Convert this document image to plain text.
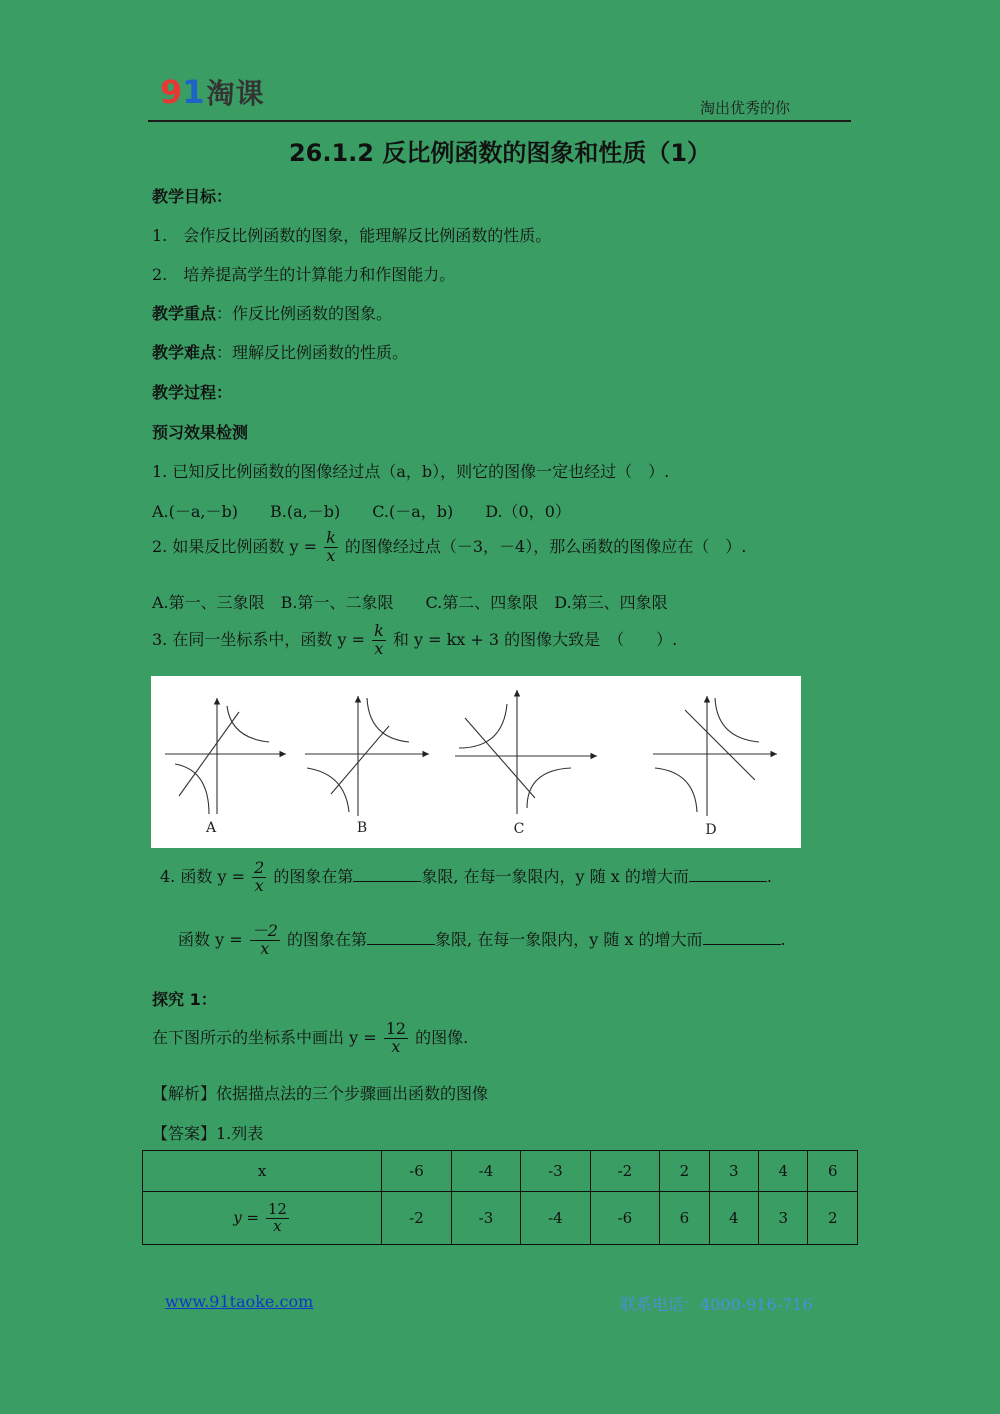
9 1 淘课	淘出优秀的你
26.1.2 反比例函数的图象和性质（1）
教学目标：
1.　会作反比例函数的图象，能理解反比例函数的性质。
2.　培养提高学生的计算能力和作图能力。
教学重点：作反比例函数的图象。
教学难点：理解反比例函数的性质。
教学过程：
预习效果检测
1. 已知反比例函数的图像经过点（a，b），则它的图像一定也经过（　）.
A.(－a,－b)　　B.(a,－b)　　C.(－a，b)　　D.（0，0）
2. 如果反比例函数 $y = \frac{k}{x}$ 的图像经过点（－3，－4），那么函数的图像应在（　）.
A.第一、三象限　B.第一、二象限　　C.第二、四象限　D.第三、四象限
3. 在同一坐标系中，函数 $y = \frac{k}{x}$ 和 y = kx + 3 的图像大致是　（　　）.
A	B	C	D
4. 函数 $y = \frac{2}{x}$ 的图象在第	象限, 在每一象限内，y 随 x 的增大而	.
函数 $y = \frac{-2}{x}$ 的图象在第	象限, 在每一象限内，y 随 x 的增大而	.
探究 1：
在下图所示的坐标系中画出 $y = \frac{12}{x}$ 的图像.
【解析】依据描点法的三个步骤画出函数的图像
【答案】1.列表
x	-6	-4	-3	-2	2	3	4	6
$y = \frac{12}{x}$	-2	-3	-4	-6	6	4	3	2
www.91taoke.com	联系电话：4000-916-716
